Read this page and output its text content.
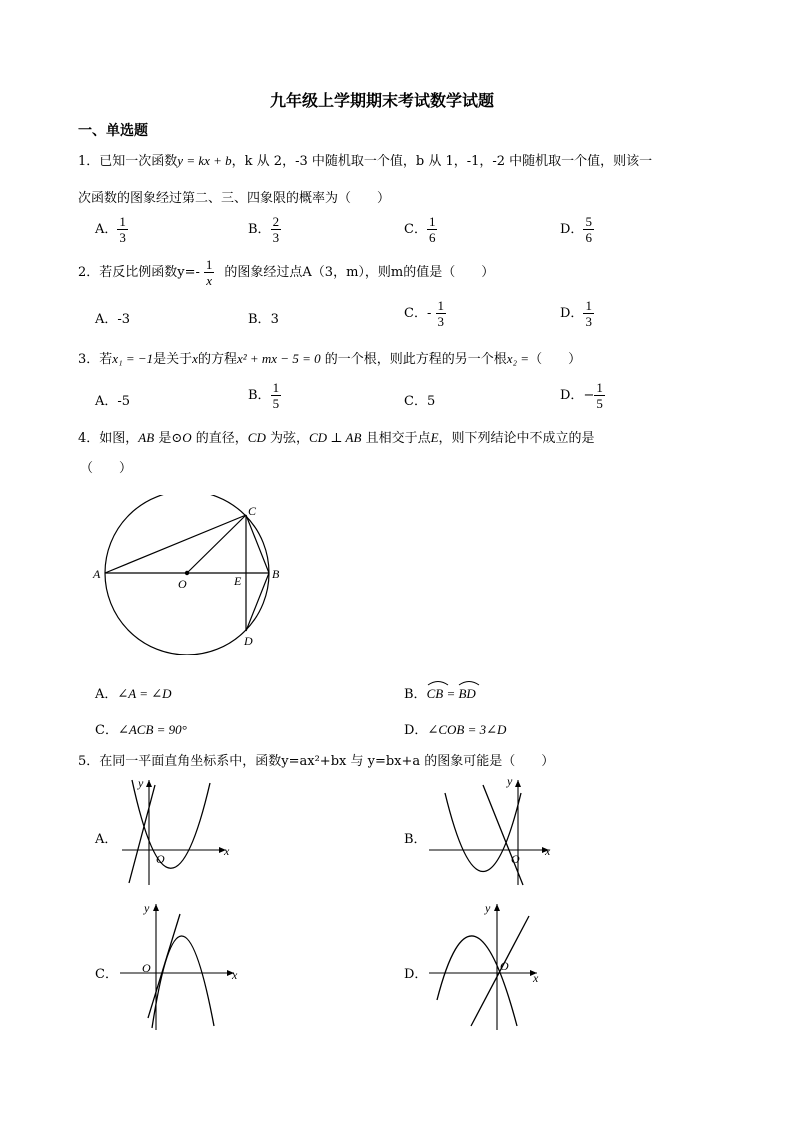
九年级上学期期末考试数学试题
一、单选题
1．已知一次函数y = kx + b，k 从 2，-3 中随机取一个值，b 从 1，-1，-2 中随机取一个值，则该一
次函数的图象经过第二、三、四象限的概率为（　　）
A． $\frac{1}{3}$	B． $\frac{2}{3}$	C． $\frac{1}{6}$	D． $\frac{5}{6}$
2．若反比例函数$y=- \frac{1}{x}$ 的图象经过点A（3，m），则m的值是（　　）
A．-3	B．3	C．- $\frac{1}{3}$	D． $\frac{1}{3}$
3．若x₁ = −1是关于x的方程x² + mx − 5 = 0 的一个根，则此方程的另一个根x₂ =（　　）
A．-5	B． $\frac{1}{5}$	C．5	D．− $\frac{1}{5}$
4．如图，AB 是⊙O 的直径，CD 为弦，CD ⊥ AB 且相交于点E，则下列结论中不成立的是
（　　）
A	B
C
D
E
O
A．∠A = ∠D	B．
CB =
BD
C．∠ACB = 90°	D．∠COB = 3∠D
5．在同一平面直角坐标系中，函数y=ax²+bx 与 y=bx+a 的图象可能是（　　）
A．
x
y
O
B．
x
y
O
C．	x
y
O	D．	x
y
O
